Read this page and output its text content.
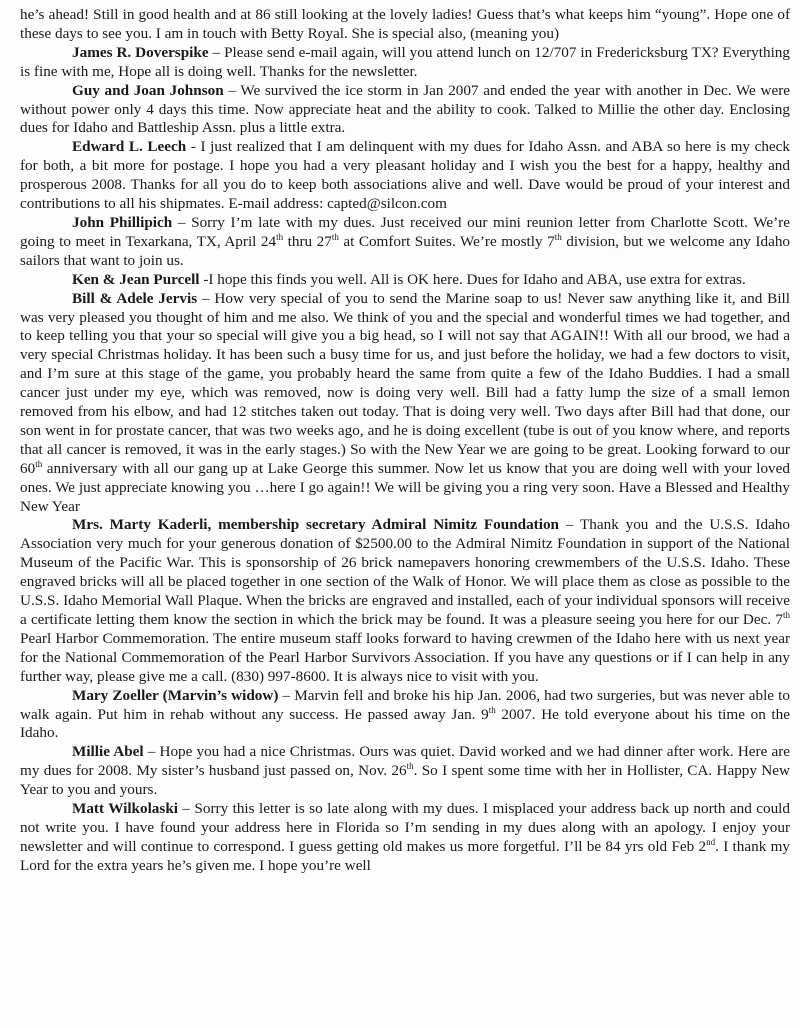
he’s ahead! Still in good health and at 86 still looking at the lovely ladies! Guess that’s what keeps him “young”. Hope one of these days to see you. I am in touch with Betty Royal. She is special also, (meaning you)

James R. Doverspike – Please send e-mail again, will you attend lunch on 12/707 in Fredericksburg TX? Everything is fine with me, Hope all is doing well. Thanks for the newsletter.

Guy and Joan Johnson – We survived the ice storm in Jan 2007 and ended the year with another in Dec. We were without power only 4 days this time. Now appreciate heat and the ability to cook. Talked to Millie the other day. Enclosing dues for Idaho and Battleship Assn. plus a little extra.

Edward L. Leech - I just realized that I am delinquent with my dues for Idaho Assn. and ABA so here is my check for both, a bit more for postage. I hope you had a very pleasant holiday and I wish you the best for a happy, healthy and prosperous 2008. Thanks for all you do to keep both associations alive and well. Dave would be proud of your interest and contributions to all his shipmates. E-mail address: capted@silcon.com

John Phillipich – Sorry I’m late with my dues. Just received our mini reunion letter from Charlotte Scott. We’re going to meet in Texarkana, TX, April 24th thru 27th at Comfort Suites. We’re mostly 7th division, but we welcome any Idaho sailors that want to join us.

Ken & Jean Purcell -I hope this finds you well. All is OK here. Dues for Idaho and ABA, use extra for extras.

Bill & Adele Jervis – How very special of you to send the Marine soap to us! Never saw anything like it, and Bill was very pleased you thought of him and me also. We think of you and the special and wonderful times we had together, and to keep telling you that your so special will give you a big head, so I will not say that AGAIN!! With all our brood, we had a very special Christmas holiday. It has been such a busy time for us, and just before the holiday, we had a few doctors to visit, and I’m sure at this stage of the game, you probably heard the same from quite a few of the Idaho Buddies. I had a small cancer just under my eye, which was removed, now is doing very well. Bill had a fatty lump the size of a small lemon removed from his elbow, and had 12 stitches taken out today. That is doing very well. Two days after Bill had that done, our son went in for prostate cancer, that was two weeks ago, and he is doing excellent (tube is out of you know where, and reports that all cancer is removed, it was in the early stages.) So with the New Year we are going to be great. Looking forward to our 60th anniversary with all our gang up at Lake George this summer. Now let us know that you are doing well with your loved ones. We just appreciate knowing you …here I go again!! We will be giving you a ring very soon. Have a Blessed and Healthy New Year

Mrs. Marty Kaderli, membership secretary Admiral Nimitz Foundation – Thank you and the U.S.S. Idaho Association very much for your generous donation of $2500.00 to the Admiral Nimitz Foundation in support of the National Museum of the Pacific War. This is sponsorship of 26 brick namepavers honoring crewmembers of the U.S.S. Idaho. These engraved bricks will all be placed together in one section of the Walk of Honor. We will place them as close as possible to the U.S.S. Idaho Memorial Wall Plaque. When the bricks are engraved and installed, each of your individual sponsors will receive a certificate letting them know the section in which the brick may be found. It was a pleasure seeing you here for our Dec. 7th Pearl Harbor Commemoration. The entire museum staff looks forward to having crewmen of the Idaho here with us next year for the National Commemoration of the Pearl Harbor Survivors Association. If you have any questions or if I can help in any further way, please give me a call. (830) 997-8600. It is always nice to visit with you.

Mary Zoeller (Marvin’s widow) – Marvin fell and broke his hip Jan. 2006, had two surgeries, but was never able to walk again. Put him in rehab without any success. He passed away Jan. 9th 2007. He told everyone about his time on the Idaho.

Millie Abel – Hope you had a nice Christmas. Ours was quiet. David worked and we had dinner after work. Here are my dues for 2008. My sister’s husband just passed on, Nov. 26th. So I spent some time with her in Hollister, CA. Happy New Year to you and yours.

Matt Wilkolaski – Sorry this letter is so late along with my dues. I misplaced your address back up north and could not write you. I have found your address here in Florida so I’m sending in my dues along with an apology. I enjoy your newsletter and will continue to correspond. I guess getting old makes us more forgetful. I’ll be 84 yrs old Feb 2nd. I thank my Lord for the extra years he’s given me. I hope you’re well
